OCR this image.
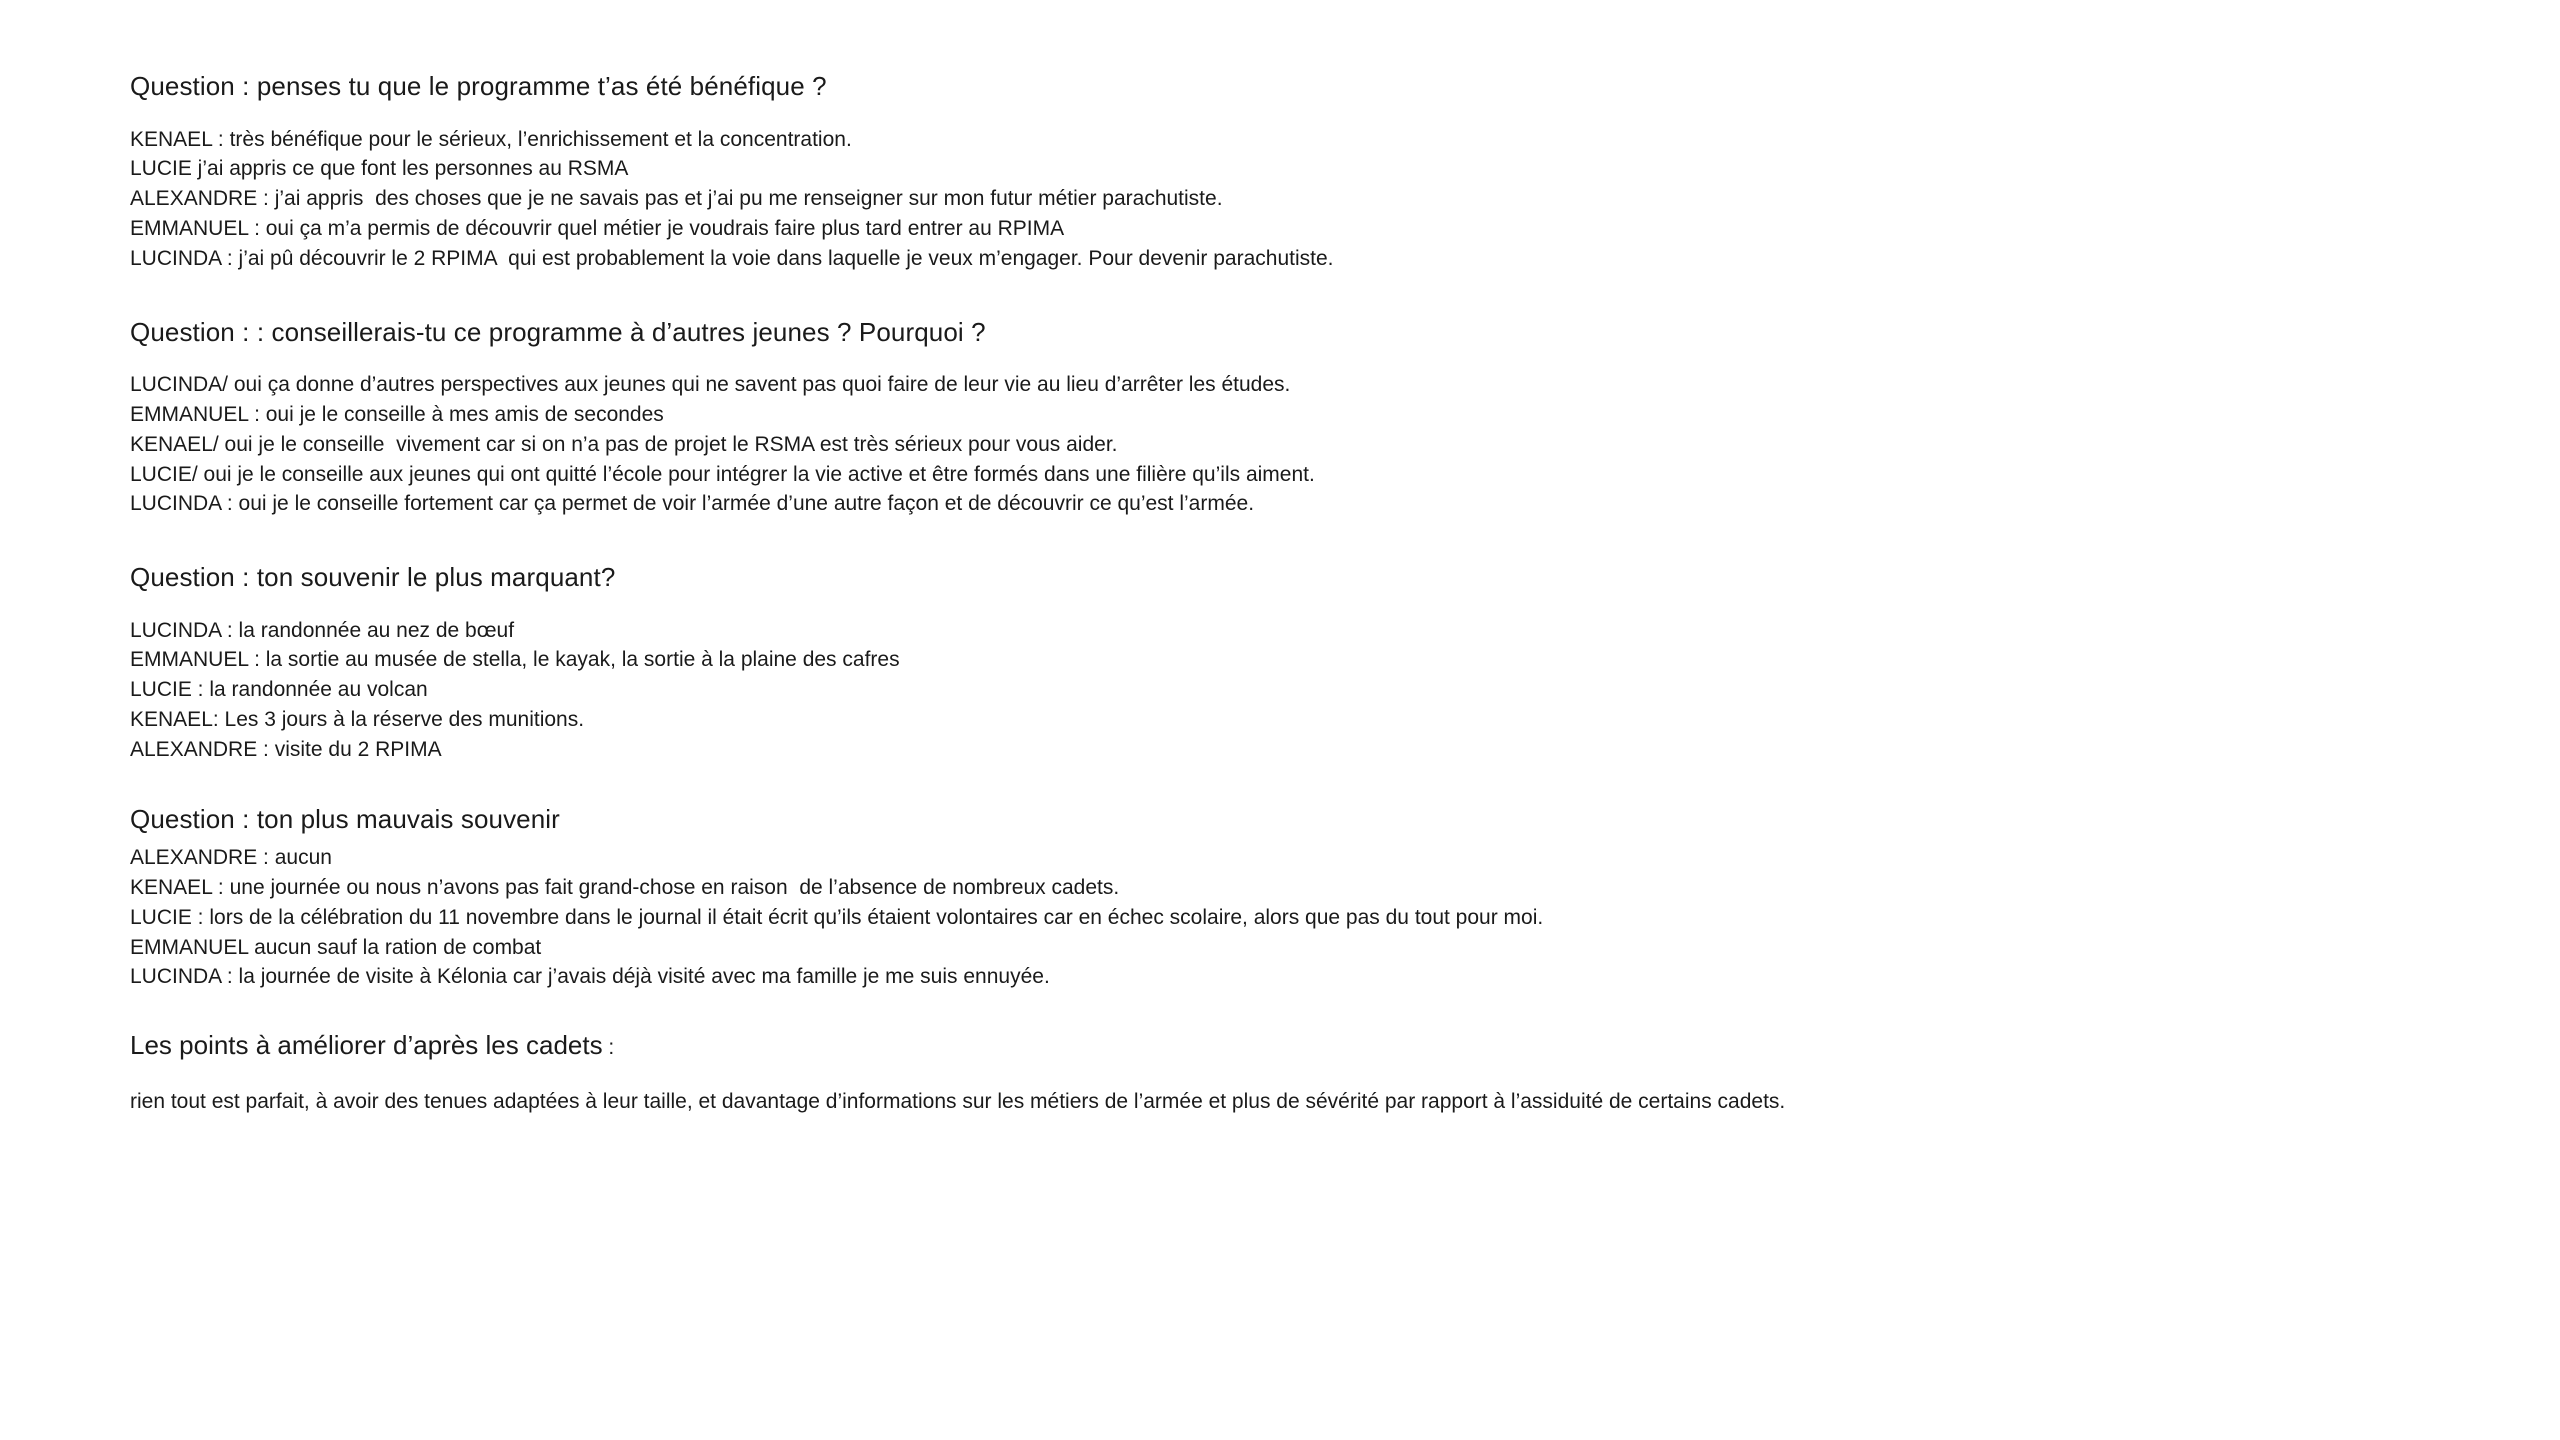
Question : penses tu que le programme t’as été bénéfique ?
KENAEL : très bénéfique pour le sérieux, l’enrichissement et la concentration.
LUCIE j’ai appris ce que font les personnes au RSMA
ALEXANDRE : j’ai appris  des choses que je ne savais pas et j’ai pu me renseigner sur mon futur métier parachutiste.
EMMANUEL : oui ça m’a permis de découvrir quel métier je voudrais faire plus tard entrer au RPIMA
LUCINDA : j’ai pû découvrir le 2 RPIMA  qui est probablement la voie dans laquelle je veux m’engager. Pour devenir parachutiste.
Question : : conseillerais-tu ce programme à d’autres jeunes ? Pourquoi ?
LUCINDA/ oui ça donne d’autres perspectives aux jeunes qui ne savent pas quoi faire de leur vie au lieu d’arrêter les études.
EMMANUEL : oui je le conseille à mes amis de secondes
KENAEL/ oui je le conseille  vivement car si on n’a pas de projet le RSMA est très sérieux pour vous aider.
LUCIE/ oui je le conseille aux jeunes qui ont quitté l’école pour intégrer la vie active et être formés dans une filière qu’ils aiment.
LUCINDA : oui je le conseille fortement car ça permet de voir l’armée d’une autre façon et de découvrir ce qu’est l’armée.
Question : ton souvenir le plus marquant?
LUCINDA : la randonnée au nez de bœuf
EMMANUEL : la sortie au musée de stella, le kayak, la sortie à la plaine des cafres
LUCIE : la randonnée au volcan
KENAEL: Les 3 jours à la réserve des munitions.
ALEXANDRE : visite du 2 RPIMA
Question : ton plus mauvais souvenir
ALEXANDRE : aucun
KENAEL : une journée ou nous n’avons pas fait grand-chose en raison  de l’absence de nombreux cadets.
LUCIE : lors de la célébration du 11 novembre dans le journal il était écrit qu’ils étaient volontaires car en échec scolaire, alors que pas du tout pour moi.
EMMANUEL aucun sauf la ration de combat
LUCINDA : la journée de visite à Kélonia car j’avais déjà visité avec ma famille je me suis ennuyée.
Les points à améliorer d’après les cadets :
rien tout est parfait, à avoir des tenues adaptées à leur taille, et davantage d’informations sur les métiers de l’armée et plus de sévérité par rapport à l’assiduité de certains cadets.
